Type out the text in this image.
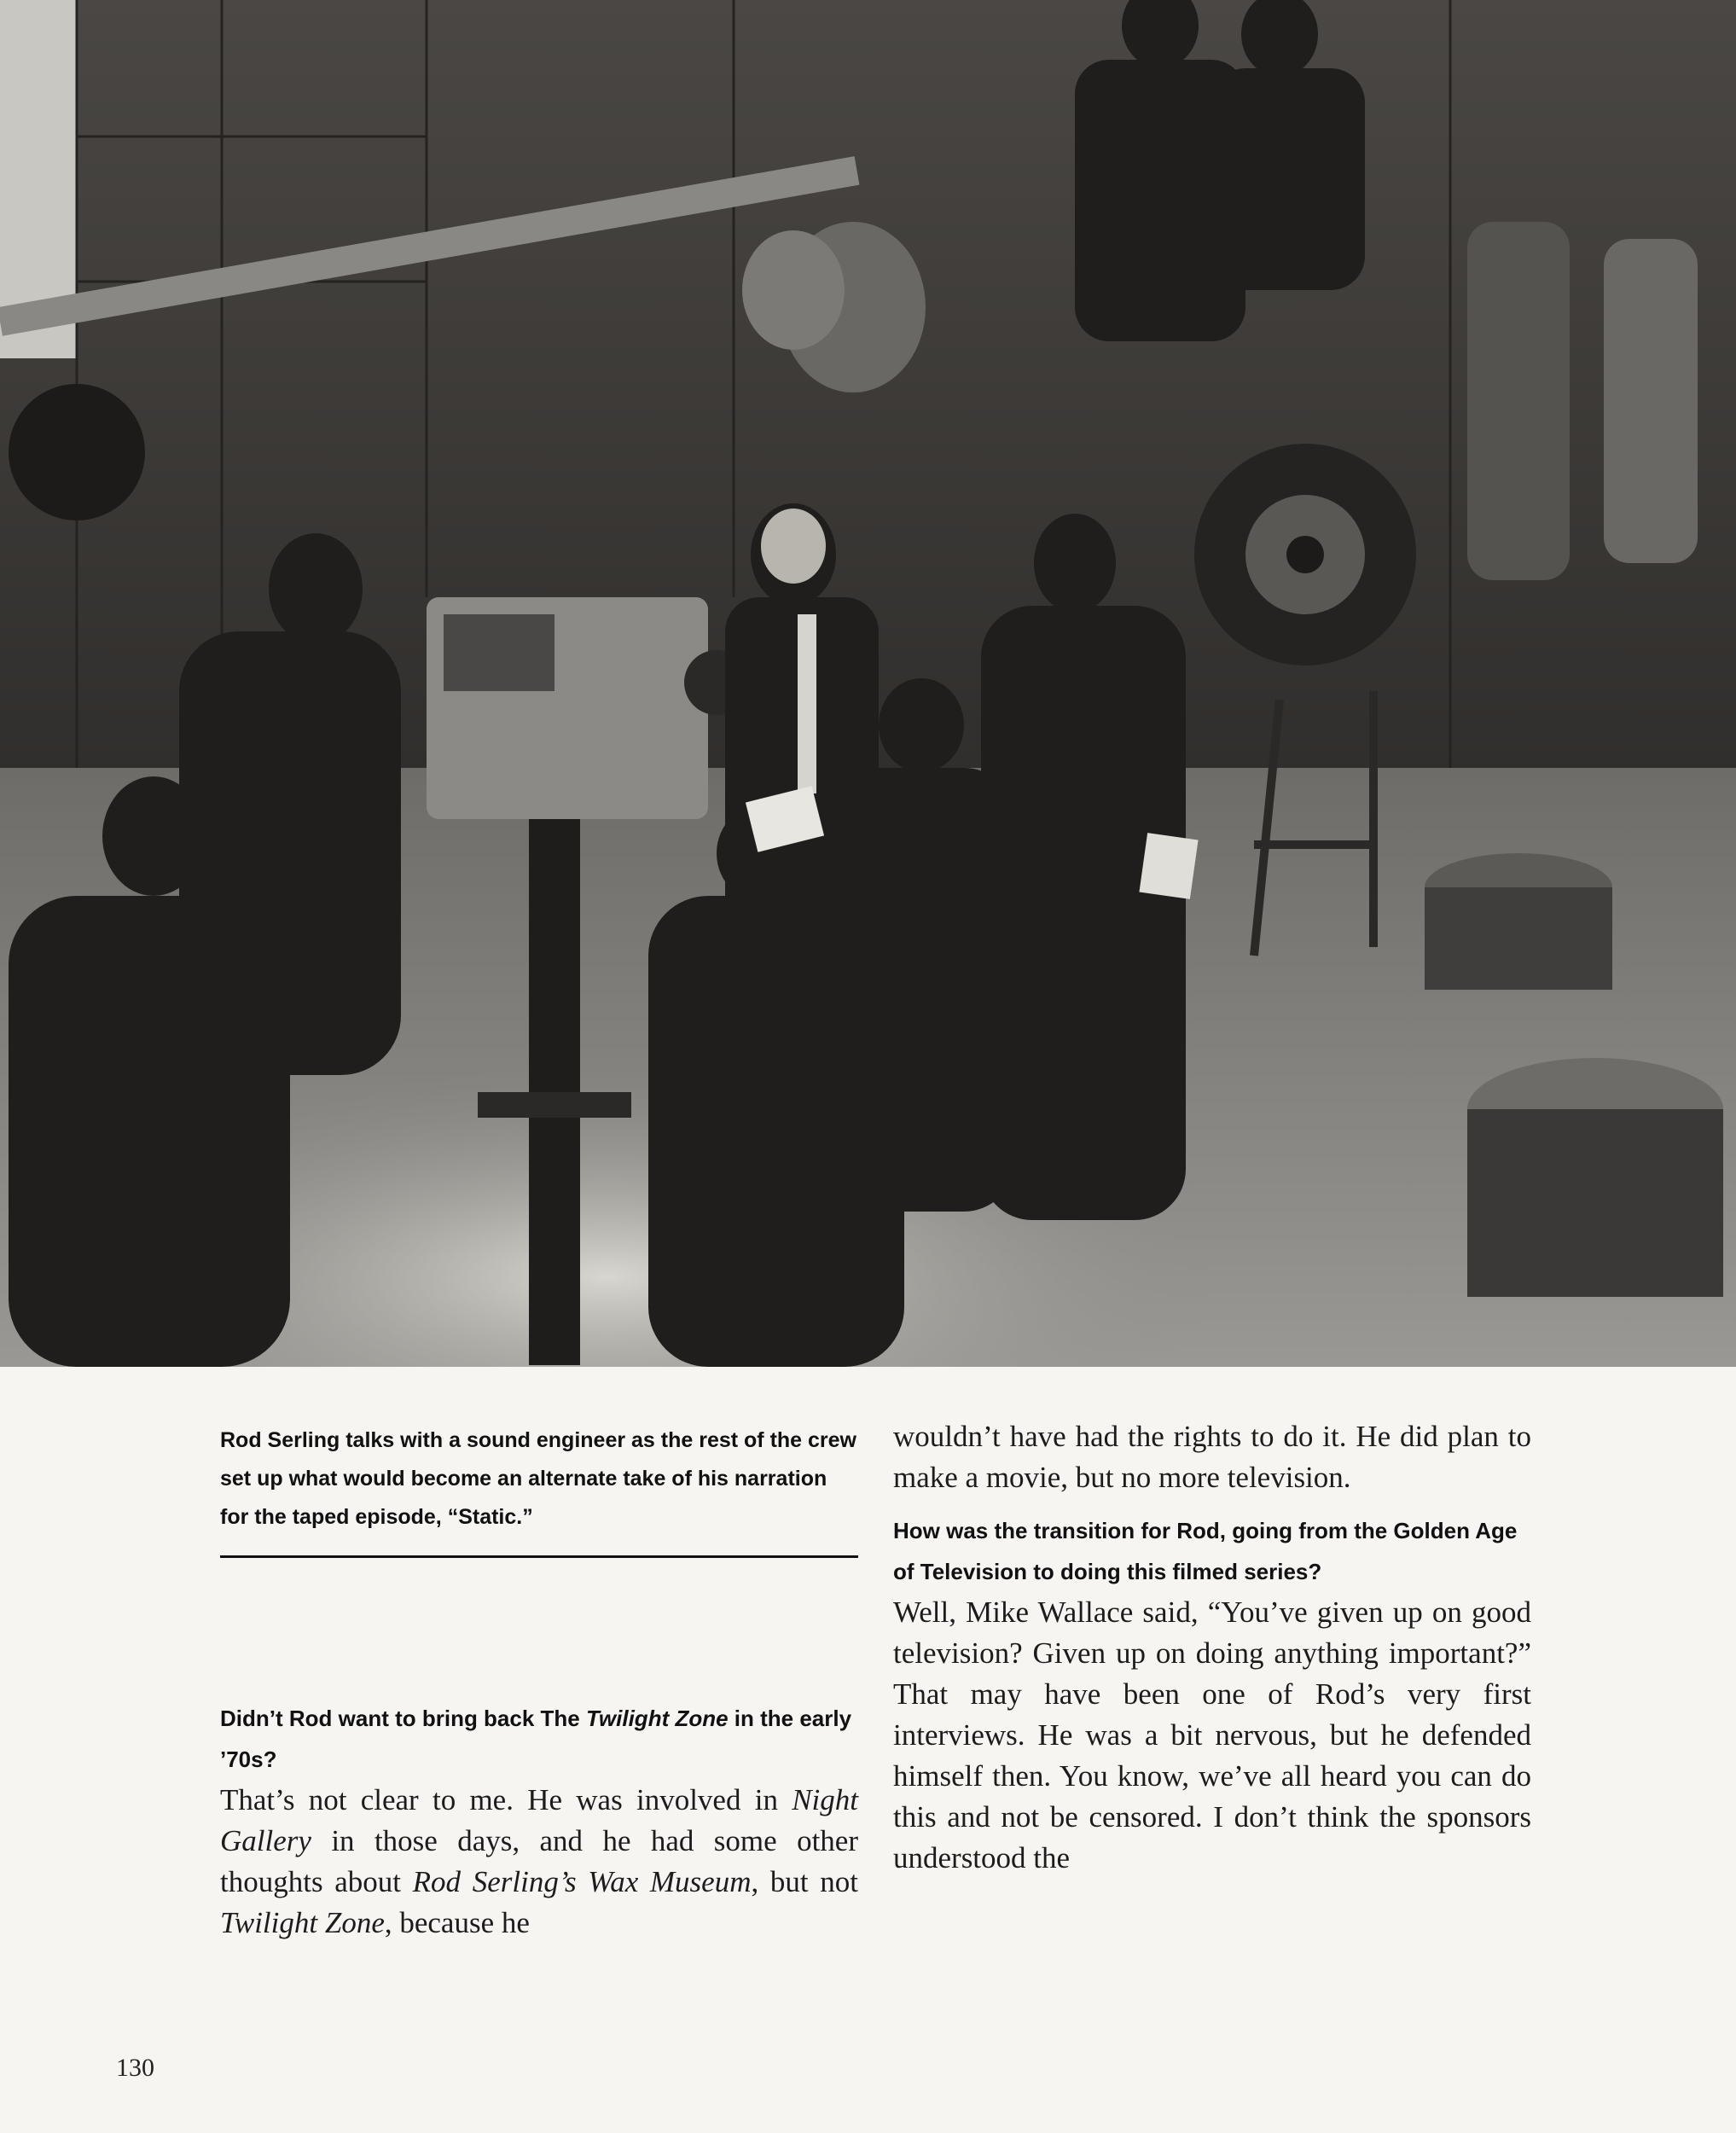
Rod Serling talks with a sound engineer as the rest of the crew set up what would become an alternate take of his narration for the taped episode, “Static.”

Didn’t Rod want to bring back The Twilight Zone in the early ’70s?

That’s not clear to me. He was involved in Night Gallery in those days, and he had some other thoughts about Rod Serling’s Wax Museum, but not Twilight Zone, because he

wouldn’t have had the rights to do it. He did plan to make a movie, but no more television.

How was the transition for Rod, going from the Golden Age of Television to doing this filmed series?

Well, Mike Wallace said, “You’ve given up on good television? Given up on doing anything important?” That may have been one of Rod’s very first interviews. He was a bit nervous, but he defended himself then. You know, we’ve all heard you can do this and not be censored. I don’t think the sponsors understood the

130
